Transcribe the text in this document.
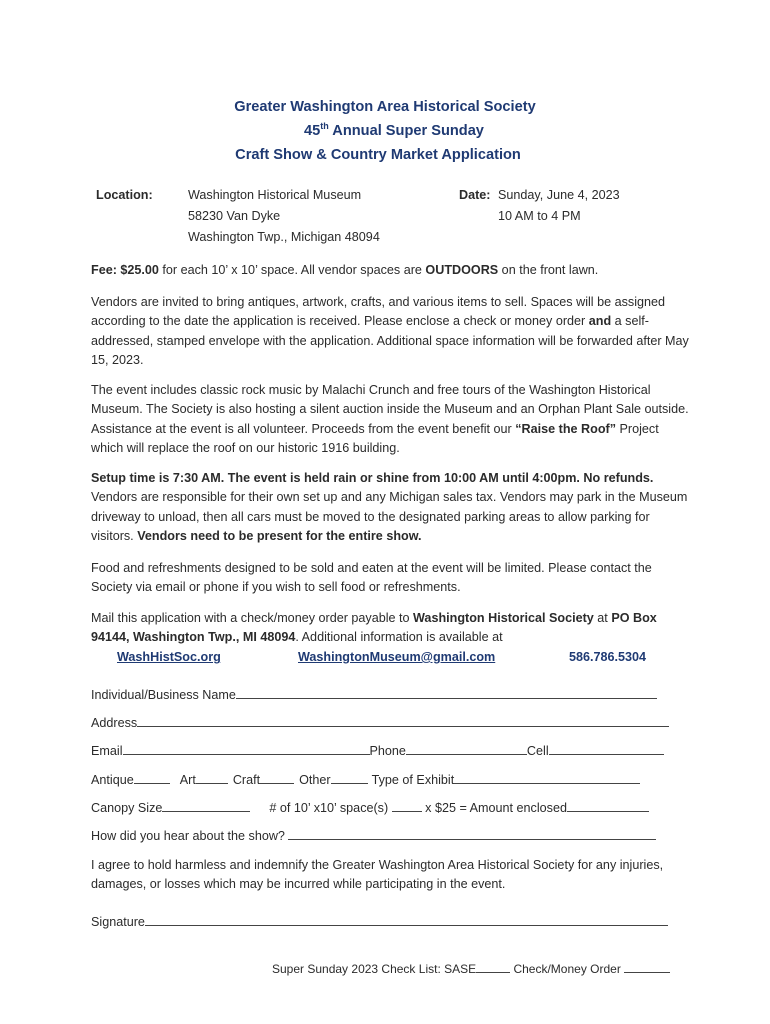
Greater Washington Area Historical Society
45th Annual Super Sunday
Craft Show & Country Market Application
Location:	Washington Historical Museum
58230 Van Dyke
Washington Twp., Michigan 48094
Date: Sunday, June 4, 2023
10 AM to 4 PM
Fee: $25.00 for each 10’ x 10’ space. All vendor spaces are OUTDOORS on the front lawn.
Vendors are invited to bring antiques, artwork, crafts, and various items to sell. Spaces will be assigned according to the date the application is received. Please enclose a check or money order and a self-addressed, stamped envelope with the application. Additional space information will be forwarded after May 15, 2023.
The event includes classic rock music by Malachi Crunch and free tours of the Washington Historical Museum. The Society is also hosting a silent auction inside the Museum and an Orphan Plant Sale outside. Assistance at the event is all volunteer. Proceeds from the event benefit our “Raise the Roof” Project which will replace the roof on our historic 1916 building.
Setup time is 7:30 AM. The event is held rain or shine from 10:00 AM until 4:00pm. No refunds. Vendors are responsible for their own set up and any Michigan sales tax. Vendors may park in the Museum driveway to unload, then all cars must be moved to the designated parking areas to allow parking for visitors. Vendors need to be present for the entire show.
Food and refreshments designed to be sold and eaten at the event will be limited. Please contact the Society via email or phone if you wish to sell food or refreshments.
Mail this application with a check/money order payable to Washington Historical Society at PO Box 94144, Washington Twp., MI 48094. Additional information is available at
WashHistSoc.org	WashingtonMuseum@gmail.com	586.786.5304
Individual/Business Name
Address
Email	Phone	Cell
Antique	Art	Craft	Other	Type of Exhibit
Canopy Size	# of 10’ x10’ space(s)  x $25 = Amount enclosed
How did you hear about the show?
I agree to hold harmless and indemnify the Greater Washington Area Historical Society for any injuries, damages, or losses which may be incurred while participating in the event.
Signature
Super Sunday 2023 Check List: SASE	Check/Money Order
